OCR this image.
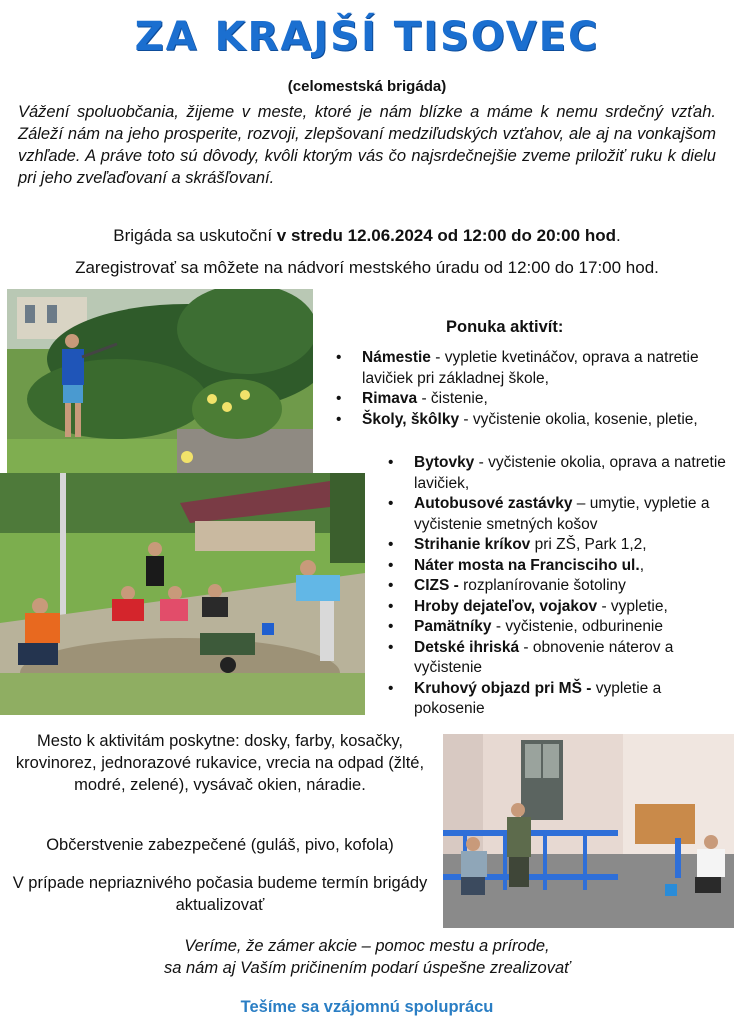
ZA KRAJŠÍ TISOVEC
(celomestská brigáda)
Vážení spoluobčania, žijeme v meste, ktoré je nám blízke a máme k nemu srdečný vzťah. Záleží nám na jeho prosperite, rozvoji, zlepšovaní medziľudských vzťahov, ale aj na vonkajšom vzhľade. A práve toto sú dôvody, kvôli ktorým vás čo najsrdečnejšie zveme priložiť ruku k dielu pri jeho zveľaďovaní a skrášľovaní.
Brigáda sa uskutoční v stredu 12.06.2024 od 12:00 do 20:00 hod.
Zaregistrovať sa môžete na nádvorí mestského úradu od 12:00 do 17:00 hod.
Ponuka aktivít:
• Námestie - vypletie kvetináčov, oprava a natretie lavičiek pri základnej škole,
• Rimava - čistenie,
• Školy, škôlky - vyčistenie okolia, kosenie, pletie,
• Bytovky - vyčistenie okolia, oprava a natretie lavičiek,
• Autobusové zastávky – umytie, vypletie a vyčistenie smetných košov
• Strihanie kríkov pri ZŠ, Park 1,2,
• Náter mosta na Francisciho ul.,
• CIZS - rozplanírovanie šotoliny
• Hroby dejateľov, vojakov - vypletie,
• Pamätníky - vyčistenie, odburinenie
• Detské ihriská - obnovenie náterov a vyčistenie
• Kruhový objazd pri MŠ - vypletie a pokosenie
Mesto k aktivitám poskytne: dosky, farby, kosačky, krovinorez, jednorazové rukavice, vrecia na odpad (žlté, modré, zelené), vysávač okien, náradie.
Občerstvenie zabezpečené (guláš, pivo, kofola)
V prípade nepriaznivého počasia budeme termín brigády aktualizovať
Veríme, že zámer akcie – pomoc mestu a prírode,
sa nám aj Vaším pričinením podarí úspešne zrealizovať
Tešíme sa vzájomnú spoluprácu
